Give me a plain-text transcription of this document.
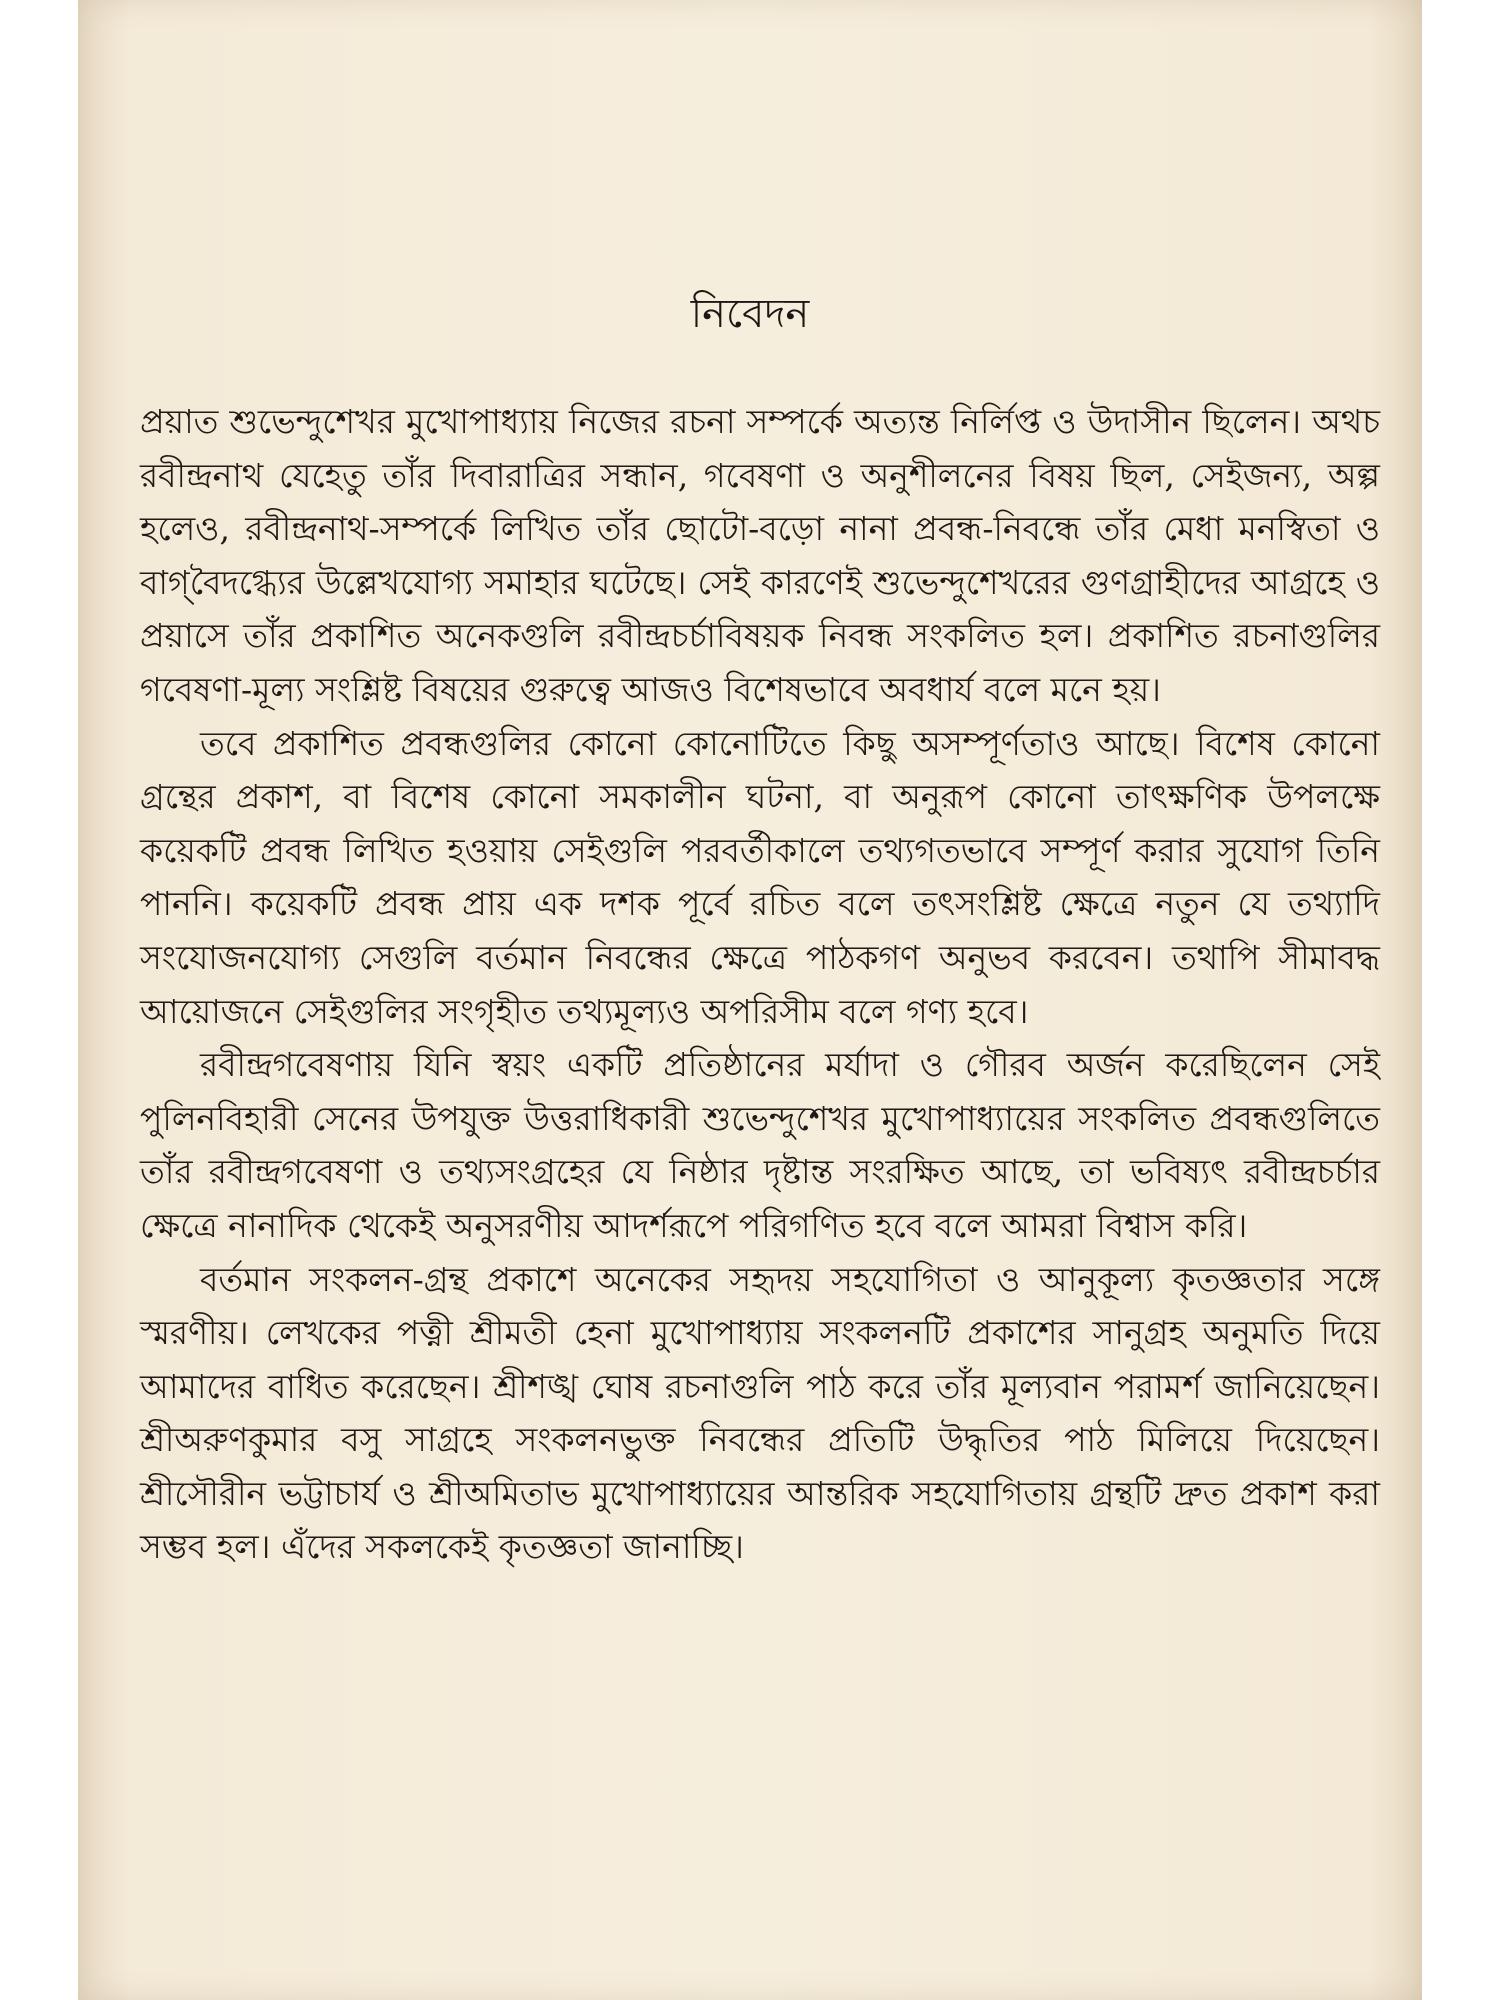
নিবেদন

প্রয়াত শুভেন্দুশেখর মুখোপাধ্যায় নিজের রচনা সম্পর্কে অত্যন্ত নির্লিপ্ত ও উদাসীন ছিলেন। অথচ রবীন্দ্রনাথ যেহেতু তাঁর দিবারাত্রির সন্ধান, গবেষণা ও অনুশীলনের বিষয় ছিল, সেইজন্য, অল্প হলেও, রবীন্দ্রনাথ-সম্পর্কে লিখিত তাঁর ছোটো-বড়ো নানা প্রবন্ধ-নিবন্ধে তাঁর মেধা মনস্বিতা ও বাগ্‌বৈদগ্ধ্যের উল্লেখযোগ্য সমাহার ঘটেছে। সেই কারণেই শুভেন্দুশেখরের গুণগ্রাহীদের আগ্রহে ও প্রয়াসে তাঁর প্রকাশিত অনেকগুলি রবীন্দ্রচর্চাবিষয়ক নিবন্ধ সংকলিত হল। প্রকাশিত রচনাগুলির গবেষণা-মূল্য সংশ্লিষ্ট বিষয়ের গুরুত্বে আজও বিশেষভাবে অবধার্য বলে মনে হয়।

তবে প্রকাশিত প্রবন্ধগুলির কোনো কোনোটিতে কিছু অসম্পূর্ণতাও আছে। বিশেষ কোনো গ্রন্থের প্রকাশ, বা বিশেষ কোনো সমকালীন ঘটনা, বা অনুরূপ কোনো তাৎক্ষণিক উপলক্ষে কয়েকটি প্রবন্ধ লিখিত হওয়ায় সেইগুলি পরবর্তীকালে তথ্যগতভাবে সম্পূর্ণ করার সুযোগ তিনি পাননি। কয়েকটি প্রবন্ধ প্রায় এক দশক পূর্বে রচিত বলে তৎসংশ্লিষ্ট ক্ষেত্রে নতুন যে তথ্যাদি সংযোজনযোগ্য সেগুলি বর্তমান নিবন্ধের ক্ষেত্রে পাঠকগণ অনুভব করবেন। তথাপি সীমাবদ্ধ আয়োজনে সেইগুলির সংগৃহীত তথ্যমূল্যও অপরিসীম বলে গণ্য হবে।

রবীন্দ্রগবেষণায় যিনি স্বয়ং একটি প্রতিষ্ঠানের মর্যাদা ও গৌরব অর্জন করেছিলেন সেই পুলিনবিহারী সেনের উপযুক্ত উত্তরাধিকারী শুভেন্দুশেখর মুখোপাধ্যায়ের সংকলিত প্রবন্ধগুলিতে তাঁর রবীন্দ্রগবেষণা ও তথ্যসংগ্রহের যে নিষ্ঠার দৃষ্টান্ত সংরক্ষিত আছে, তা ভবিষ্যৎ রবীন্দ্রচর্চার ক্ষেত্রে নানাদিক থেকেই অনুসরণীয় আদর্শরূপে পরিগণিত হবে বলে আমরা বিশ্বাস করি।

বর্তমান সংকলন-গ্রন্থ প্রকাশে অনেকের সহৃদয় সহযোগিতা ও আনুকূল্য কৃতজ্ঞতার সঙ্গে স্মরণীয়। লেখকের পত্নী শ্রীমতী হেনা মুখোপাধ্যায় সংকলনটি প্রকাশের সানুগ্রহ অনুমতি দিয়ে আমাদের বাধিত করেছেন। শ্রীশঙ্খ ঘোষ রচনাগুলি পাঠ করে তাঁর মূল্যবান পরামর্শ জানিয়েছেন। শ্রীঅরুণকুমার বসু সাগ্রহে সংকলনভুক্ত নিবন্ধের প্রতিটি উদ্ধৃতির পাঠ মিলিয়ে দিয়েছেন। শ্রীসৌরীন ভট্টাচার্য ও শ্রীঅমিতাভ মুখোপাধ্যায়ের আন্তরিক সহযোগিতায় গ্রন্থটি দ্রুত প্রকাশ করা সম্ভব হল। এঁদের সকলকেই কৃতজ্ঞতা জানাচ্ছি।
